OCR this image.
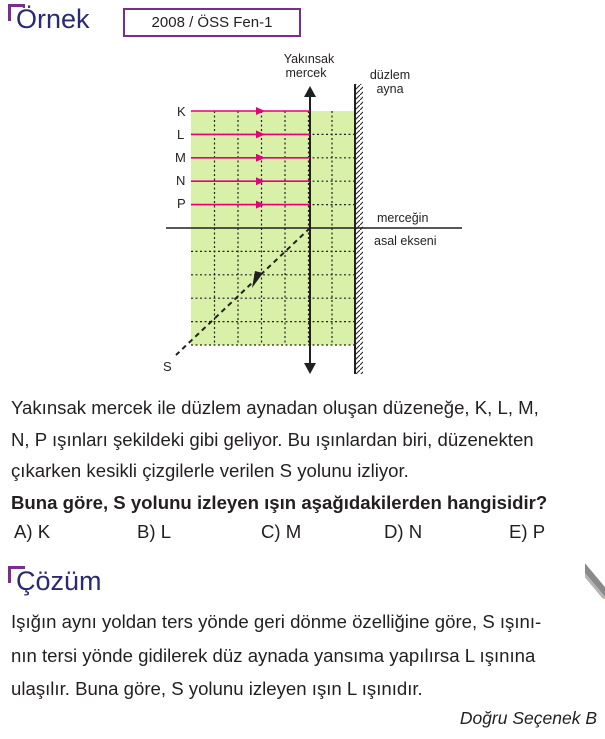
Örnek	2008 / ÖSS Fen-1
Yakınsak
mercek	düzlem
ayna
merceğin
asal ekseni
K
L
M
N
P
S
Yakınsak mercek ile düzlem aynadan oluşan düzeneğe, K, L, M,
N, P ışınları şekildeki gibi geliyor. Bu ışınlardan biri, düzenekten
çıkarken kesikli çizgilerle verilen S yolunu izliyor.
Buna göre, S yolunu izleyen ışın aşağıdakilerden hangisidir?
A) K	B) L	C) M	D) N	E) P
Çözüm
Işığın aynı yoldan ters yönde geri dönme özelliğine göre, S ışını-
nın tersi yönde gidilerek düz aynada yansıma yapılırsa L ışınına
ulaşılır. Buna göre, S yolunu izleyen ışın L ışınıdır.
Doğru Seçenek B
